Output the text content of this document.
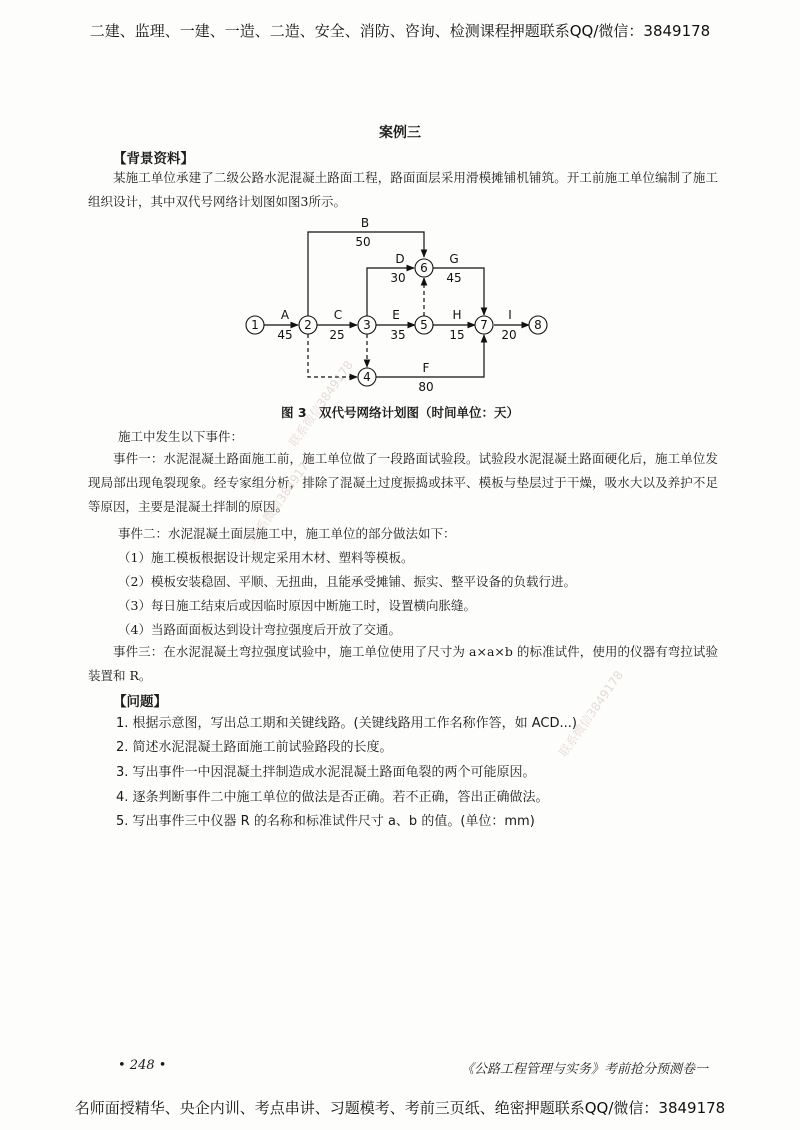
二建、监理、一建、一造、二造、安全、消防、咨询、检测课程押题联系QQ/微信：3849178
案例三
【背景资料】
某施工单位承建了二级公路水泥混凝土路面工程，路面面层采用滑模摊铺机铺筑。开工前施工单位编制了施工组织设计，其中双代号网络计划图如图3所示。
1	2	3
4
5
6
7	8
A
45
B
50
C
25
D
30
E
35
F
80
G
45
H
15
I
20
图 3　双代号网络计划图（时间单位：天）
施工中发生以下事件：
事件一：水泥混凝土路面施工前，施工单位做了一段路面试验段。试验段水泥混凝土路面硬化后，施工单位发现局部出现龟裂现象。经专家组分析，排除了混凝土过度振捣或抹平、模板与垫层过于干燥，吸水大以及养护不足等原因，主要是混凝土拌制的原因。
事件二：水泥混凝土面层施工中，施工单位的部分做法如下：
（1）施工模板根据设计规定采用木材、塑料等模板。
（2）模板安装稳固、平顺、无扭曲，且能承受摊铺、振实、整平设备的负载行进。
（3）每日施工结束后或因临时原因中断施工时，设置横向胀缝。
（4）当路面面板达到设计弯拉强度后开放了交通。
事件三：在水泥混凝土弯拉强度试验中，施工单位使用了尺寸为 a×a×b 的标准试件，使用的仪器有弯拉试验装置和 R。
【问题】
1. 根据示意图，写出总工期和关键线路。(关键线路用工作名称作答，如 ACD...)
2. 简述水泥混凝土路面施工前试验路段的长度。
3. 写出事件一中因混凝土拌制造成水泥混凝土路面龟裂的两个可能原因。
4. 逐条判断事件二中施工单位的做法是否正确。若不正确，答出正确做法。
5. 写出事件三中仪器 R 的名称和标准试件尺寸 a、b 的值。(单位：mm)
联系微信3849178
联系微信3849178
联系微信3849178
• 248 •	《公路工程管理与实务》考前抢分预测卷一
名师面授精华、央企内训、考点串讲、习题模考、考前三页纸、绝密押题联系QQ/微信：3849178
